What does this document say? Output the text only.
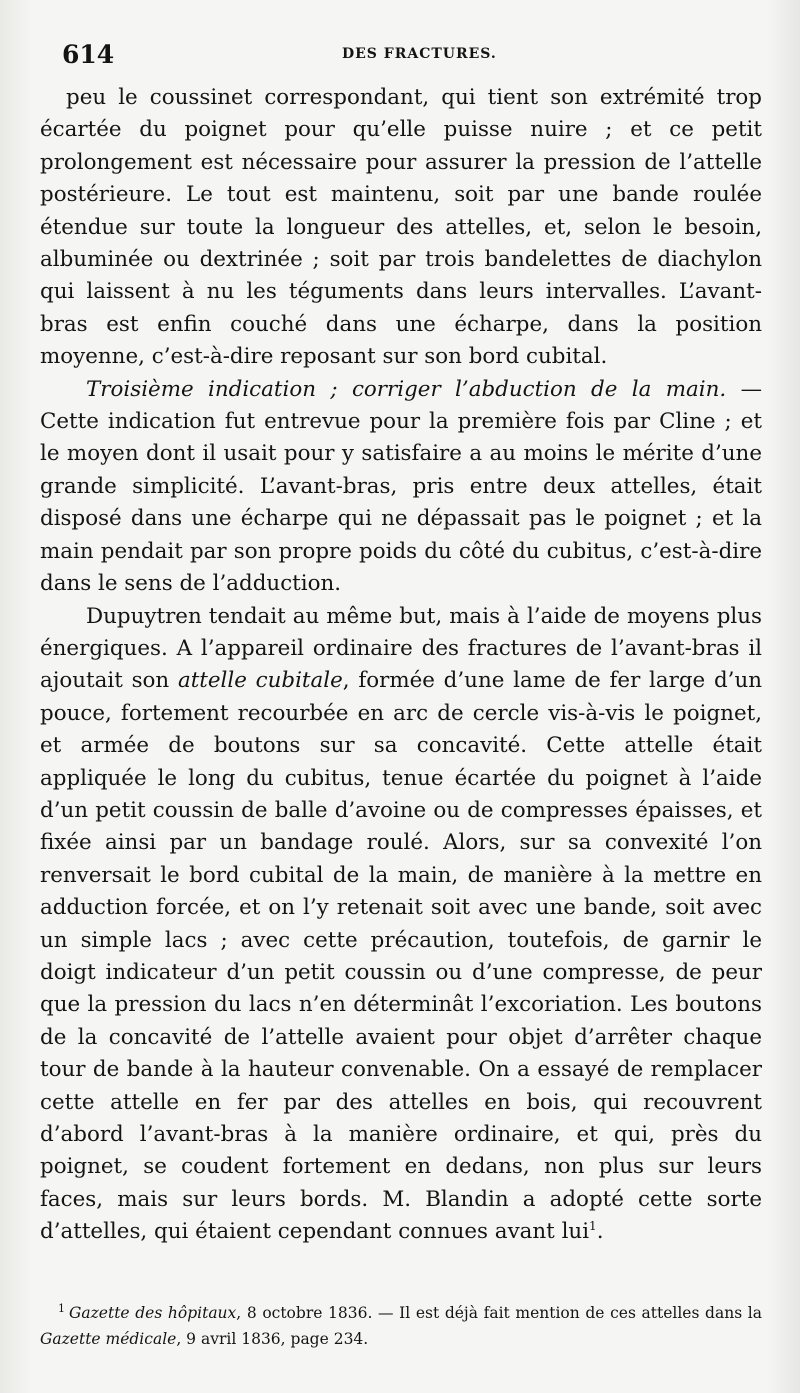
614	DES FRACTURES.

peu le coussinet correspondant, qui tient son extrémité trop écartée du poignet pour qu’elle puisse nuire ; et ce petit prolongement est nécessaire pour assurer la pression de l’attelle postérieure. Le tout est maintenu, soit par une bande roulée étendue sur toute la longueur des attelles, et, selon le besoin, albuminée ou dextrinée ; soit par trois bandelettes de diachylon qui laissent à nu les téguments dans leurs intervalles. L’avant-bras est enfin couché dans une écharpe, dans la position moyenne, c’est-à-dire reposant sur son bord cubital.

Troisième indication ; corriger l’abduction de la main. — Cette indication fut entrevue pour la première fois par Cline ; et le moyen dont il usait pour y satisfaire a au moins le mérite d’une grande simplicité. L’avant-bras, pris entre deux attelles, était disposé dans une écharpe qui ne dépassait pas le poignet ; et la main pendait par son propre poids du côté du cubitus, c’est-à-dire dans le sens de l’adduction.

Dupuytren tendait au même but, mais à l’aide de moyens plus énergiques. A l’appareil ordinaire des fractures de l’avant-bras il ajoutait son attelle cubitale, formée d’une lame de fer large d’un pouce, fortement recourbée en arc de cercle vis-à-vis le poignet, et armée de boutons sur sa concavité. Cette attelle était appliquée le long du cubitus, tenue écartée du poignet à l’aide d’un petit coussin de balle d’avoine ou de compresses épaisses, et fixée ainsi par un bandage roulé. Alors, sur sa convexité l’on renversait le bord cubital de la main, de manière à la mettre en adduction forcée, et on l’y retenait soit avec une bande, soit avec un simple lacs ; avec cette précaution, toutefois, de garnir le doigt indicateur d’un petit coussin ou d’une compresse, de peur que la pression du lacs n’en déterminât l’excoriation. Les boutons de la concavité de l’attelle avaient pour objet d’arrêter chaque tour de bande à la hauteur convenable. On a essayé de remplacer cette attelle en fer par des attelles en bois, qui recouvrent d’abord l’avant-bras à la manière ordinaire, et qui, près du poignet, se coudent fortement en dedans, non plus sur leurs faces, mais sur leurs bords. M. Blandin a adopté cette sorte d’attelles, qui étaient cependant connues avant lui$^1$.

$^1$ Gazette des hôpitaux, 8 octobre 1836. — Il est déjà fait mention de ces attelles dans la Gazette médicale, 9 avril 1836, page 234.
